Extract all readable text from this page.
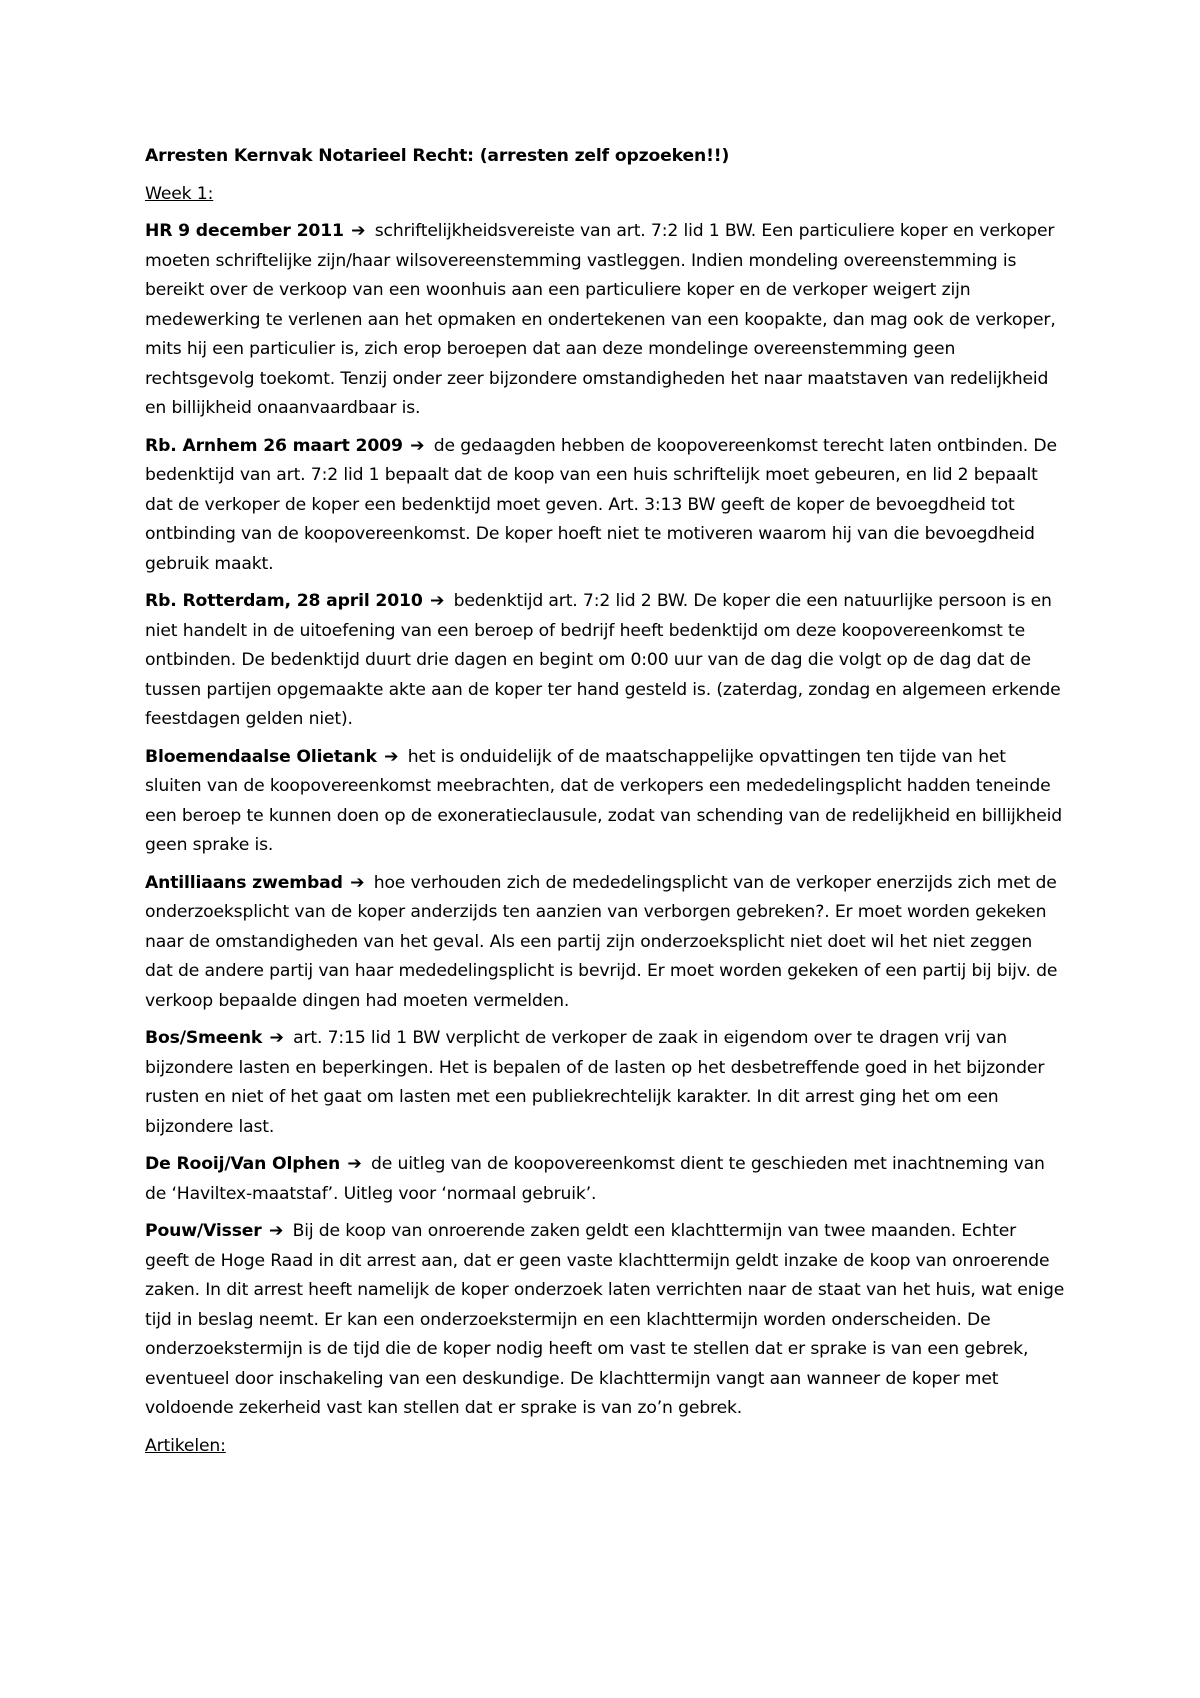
Arresten Kernvak Notarieel Recht: (arresten zelf opzoeken!!)

Week 1:

HR 9 december 2011 ➔ schriftelijkheidsvereiste van art. 7:2 lid 1 BW. Een particuliere koper en verkoper moeten schriftelijke zijn/haar wilsovereenstemming vastleggen. Indien mondeling overeenstemming is bereikt over de verkoop van een woonhuis aan een particuliere koper en de verkoper weigert zijn medewerking te verlenen aan het opmaken en ondertekenen van een koopakte, dan mag ook de verkoper, mits hij een particulier is, zich erop beroepen dat aan deze mondelinge overeenstemming geen rechtsgevolg toekomt. Tenzij onder zeer bijzondere omstandigheden het naar maatstaven van redelijkheid en billijkheid onaanvaardbaar is.

Rb. Arnhem 26 maart 2009 ➔ de gedaagden hebben de koopovereenkomst terecht laten ontbinden. De bedenktijd van art. 7:2 lid 1 bepaalt dat de koop van een huis schriftelijk moet gebeuren, en lid 2 bepaalt dat de verkoper de koper een bedenktijd moet geven. Art. 3:13 BW geeft de koper de bevoegdheid tot ontbinding van de koopovereenkomst. De koper hoeft niet te motiveren waarom hij van die bevoegdheid gebruik maakt.

Rb. Rotterdam, 28 april 2010 ➔ bedenktijd art. 7:2 lid 2 BW. De koper die een natuurlijke persoon is en niet handelt in de uitoefening van een beroep of bedrijf heeft bedenktijd om deze koopovereenkomst te ontbinden. De bedenktijd duurt drie dagen en begint om 0:00 uur van de dag die volgt op de dag dat de tussen partijen opgemaakte akte aan de koper ter hand gesteld is. (zaterdag, zondag en algemeen erkende feestdagen gelden niet).

Bloemendaalse Olietank ➔ het is onduidelijk of de maatschappelijke opvattingen ten tijde van het sluiten van de koopovereenkomst meebrachten, dat de verkopers een mededelingsplicht hadden teneinde een beroep te kunnen doen op de exoneratieclausule, zodat van schending van de redelijkheid en billijkheid geen sprake is.

Antilliaans zwembad ➔ hoe verhouden zich de mededelingsplicht van de verkoper enerzijds zich met de onderzoeksplicht van de koper anderzijds ten aanzien van verborgen gebreken?. Er moet worden gekeken naar de omstandigheden van het geval. Als een partij zijn onderzoeksplicht niet doet wil het niet zeggen dat de andere partij van haar mededelingsplicht is bevrijd. Er moet worden gekeken of een partij bij bijv. de verkoop bepaalde dingen had moeten vermelden.

Bos/Smeenk ➔ art. 7:15 lid 1 BW verplicht de verkoper de zaak in eigendom over te dragen vrij van bijzondere lasten en beperkingen. Het is bepalen of de lasten op het desbetreffende goed in het bijzonder rusten en niet of het gaat om lasten met een publiekrechtelijk karakter. In dit arrest ging het om een bijzondere last.

De Rooij/Van Olphen ➔ de uitleg van de koopovereenkomst dient te geschieden met inachtneming van de ‘Haviltex-maatstaf’. Uitleg voor ‘normaal gebruik’.

Pouw/Visser ➔ Bij de koop van onroerende zaken geldt een klachttermijn van twee maanden. Echter geeft de Hoge Raad in dit arrest aan, dat er geen vaste klachttermijn geldt inzake de koop van onroerende zaken. In dit arrest heeft namelijk de koper onderzoek laten verrichten naar de staat van het huis, wat enige tijd in beslag neemt. Er kan een onderzoekstermijn en een klachttermijn worden onderscheiden. De onderzoekstermijn is de tijd die de koper nodig heeft om vast te stellen dat er sprake is van een gebrek, eventueel door inschakeling van een deskundige. De klachttermijn vangt aan wanneer de koper met voldoende zekerheid vast kan stellen dat er sprake is van zo’n gebrek.

Artikelen:
